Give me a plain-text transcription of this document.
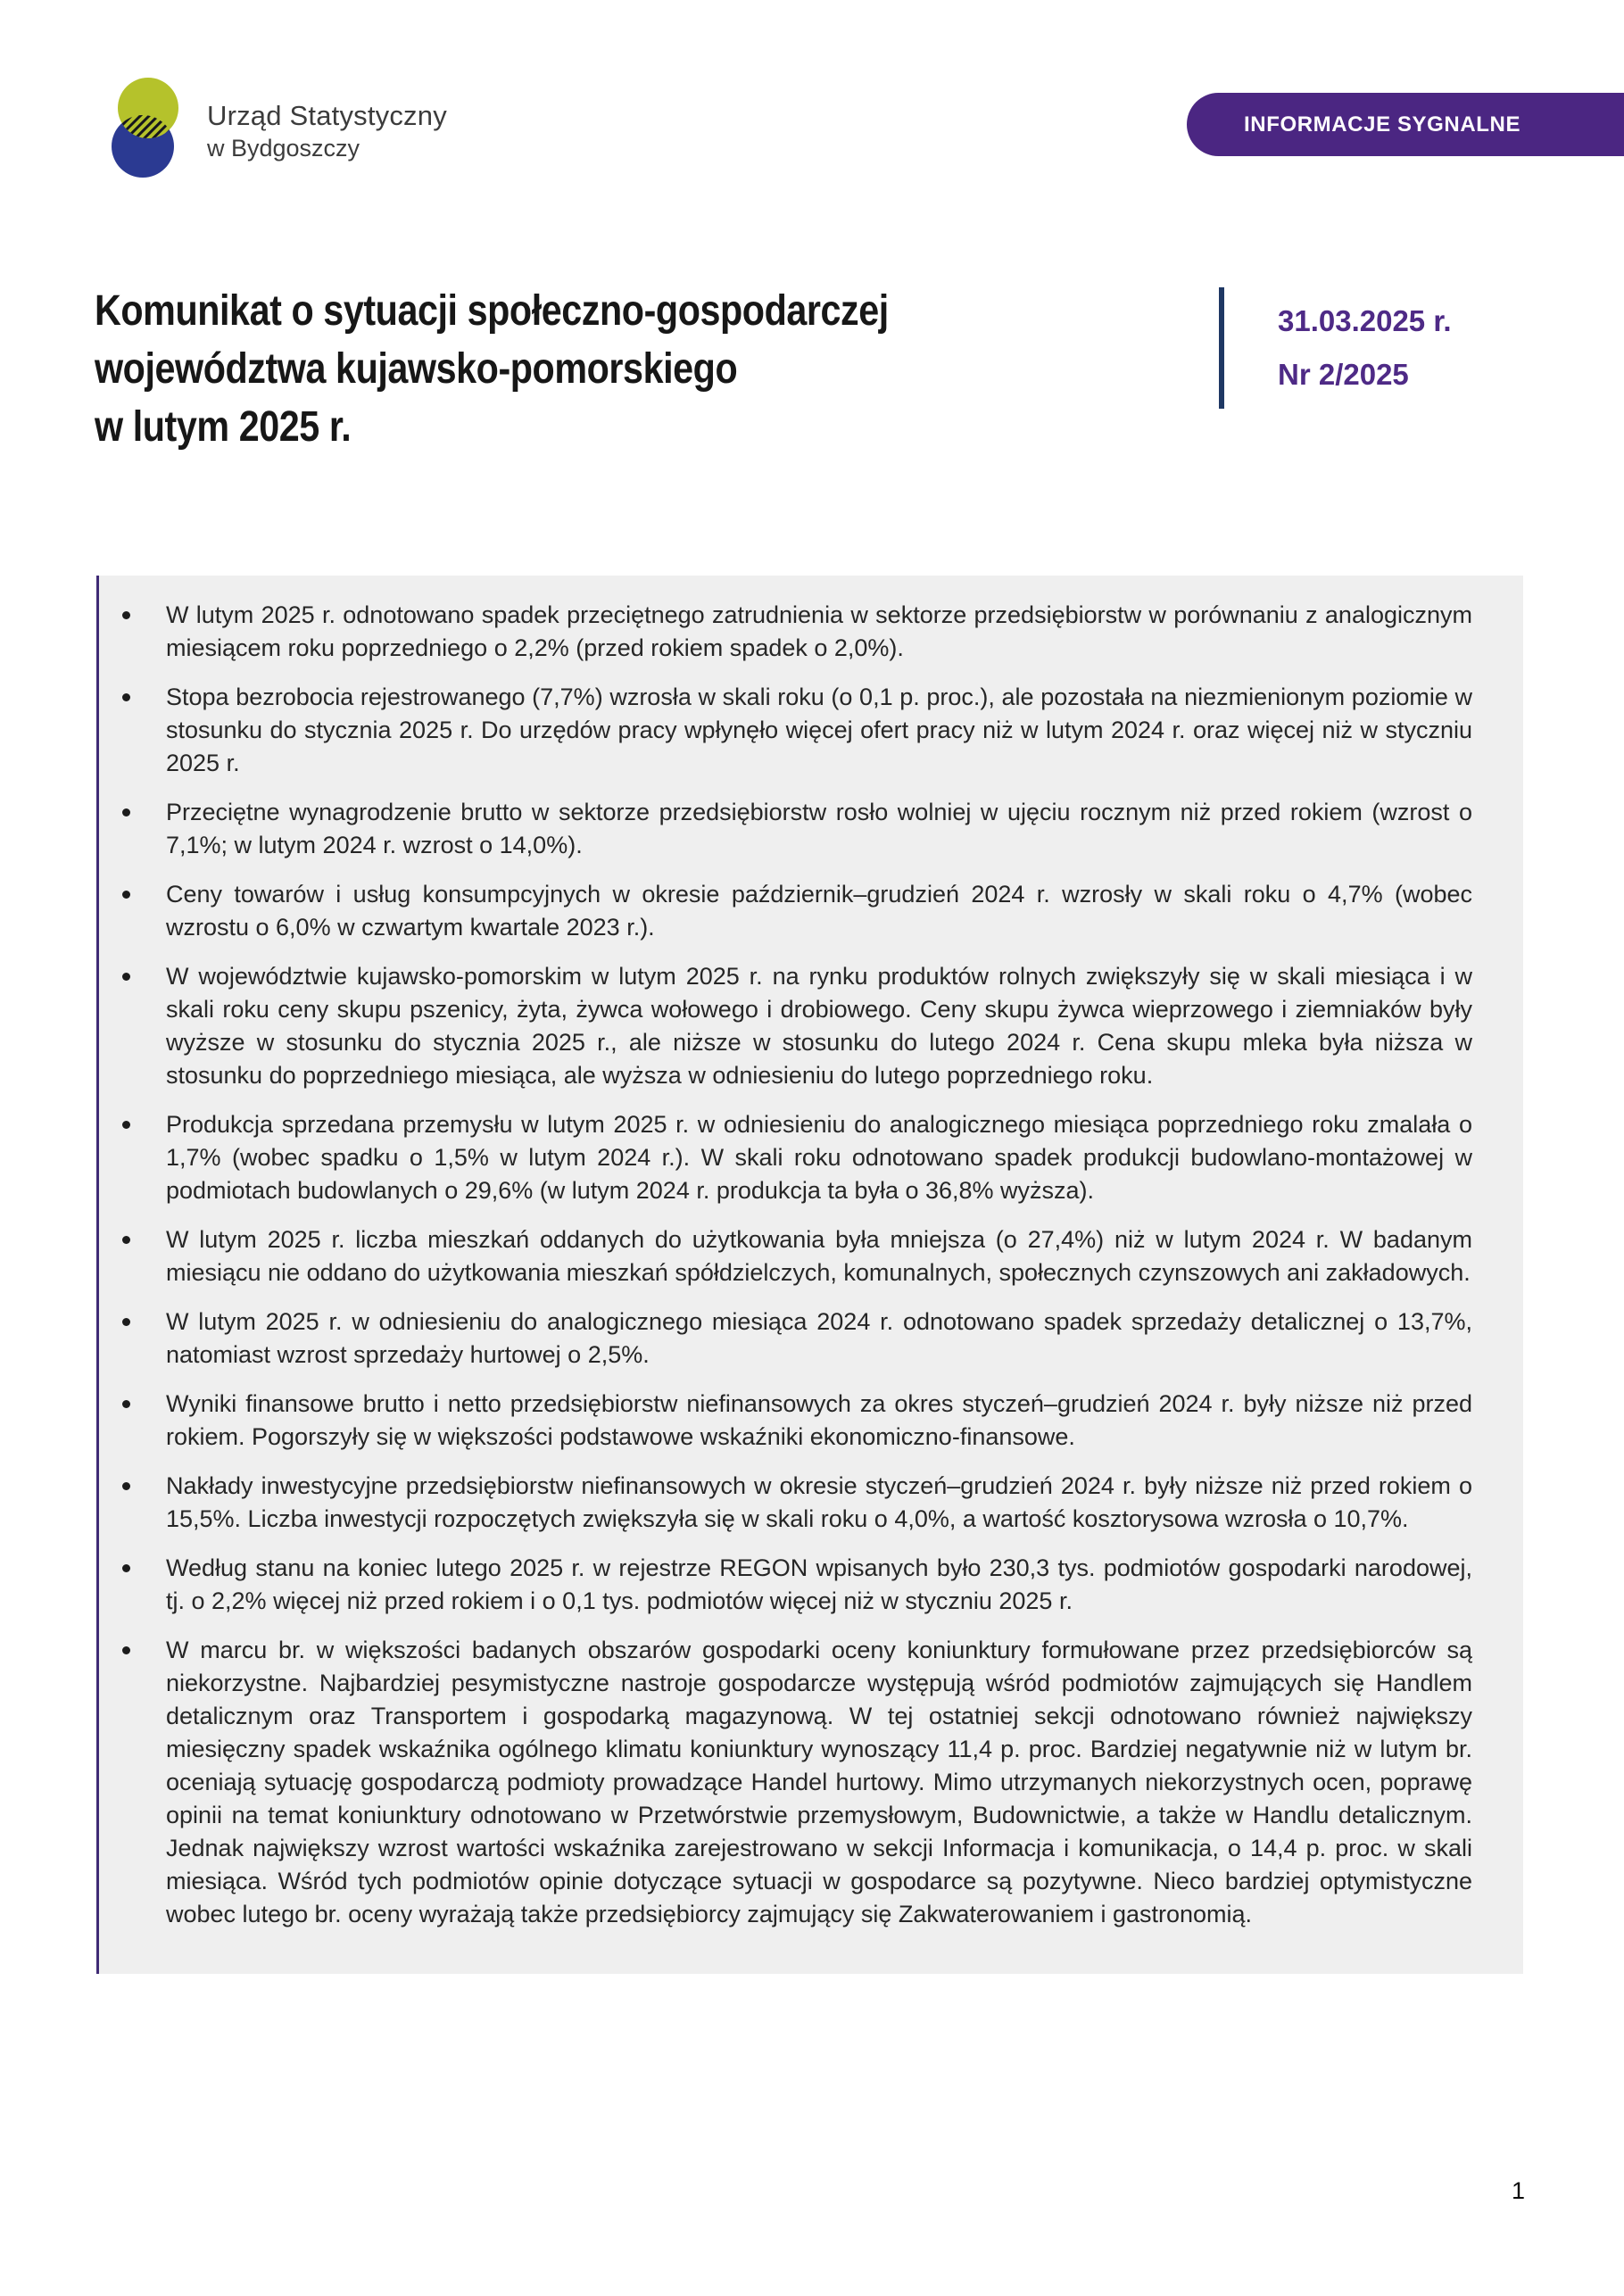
Urząd Statystyczny
w Bydgoszczy
INFORMACJE SYGNALNE
Komunikat o sytuacji społeczno-gospodarczej
województwa kujawsko-pomorskiego
w lutym 2025 r.
31.03.2025 r.
Nr 2/2025
W lutym 2025 r. odnotowano spadek przeciętnego zatrudnienia w sektorze przedsiębiorstw w porównaniu z analogicznym miesiącem roku poprzedniego o 2,2% (przed rokiem spadek o 2,0%).
Stopa bezrobocia rejestrowanego (7,7%) wzrosła w skali roku (o 0,1 p. proc.), ale pozostała na niezmienionym poziomie w stosunku do stycznia 2025 r. Do urzędów pracy wpłynęło więcej ofert pracy niż w lutym 2024 r. oraz więcej niż w styczniu 2025 r.
Przeciętne wynagrodzenie brutto w sektorze przedsiębiorstw rosło wolniej w ujęciu rocznym niż przed rokiem (wzrost o 7,1%; w lutym 2024 r. wzrost o 14,0%).
Ceny towarów i usług konsumpcyjnych w okresie październik–grudzień 2024 r. wzrosły w skali roku o 4,7% (wobec wzrostu o 6,0% w czwartym kwartale 2023 r.).
W województwie kujawsko-pomorskim w lutym 2025 r. na rynku produktów rolnych zwiększyły się w skali miesiąca i w skali roku ceny skupu pszenicy, żyta, żywca wołowego i drobiowego. Ceny skupu żywca wieprzowego i ziemniaków były wyższe w stosunku do stycznia 2025 r., ale niższe w stosunku do lutego 2024 r. Cena skupu mleka była niższa w stosunku do poprzedniego miesiąca, ale wyższa w odniesieniu do lutego poprzedniego roku.
Produkcja sprzedana przemysłu w lutym 2025 r. w odniesieniu do analogicznego miesiąca poprzedniego roku zmalała o 1,7% (wobec spadku o 1,5% w lutym 2024 r.). W skali roku odnotowano spadek produkcji budowlano-montażowej w podmiotach budowlanych o 29,6% (w lutym 2024 r. produkcja ta była o 36,8% wyższa).
W lutym 2025 r. liczba mieszkań oddanych do użytkowania była mniejsza (o 27,4%) niż w lutym 2024 r. W badanym miesiącu nie oddano do użytkowania mieszkań spółdzielczych, komunalnych, społecznych czynszowych ani zakładowych.
W lutym 2025 r. w odniesieniu do analogicznego miesiąca 2024 r. odnotowano spadek sprzedaży detalicznej o 13,7%, natomiast wzrost sprzedaży hurtowej o 2,5%.
Wyniki finansowe brutto i netto przedsiębiorstw niefinansowych za okres styczeń–grudzień 2024 r. były niższe niż przed rokiem. Pogorszyły się w większości podstawowe wskaźniki ekonomiczno-finansowe.
Nakłady inwestycyjne przedsiębiorstw niefinansowych w okresie styczeń–grudzień 2024 r. były niższe niż przed rokiem o 15,5%. Liczba inwestycji rozpoczętych zwiększyła się w skali roku o 4,0%, a wartość kosztorysowa wzrosła o 10,7%.
Według stanu na koniec lutego 2025 r. w rejestrze REGON wpisanych było 230,3 tys. podmiotów gospodarki narodowej, tj. o 2,2% więcej niż przed rokiem i o 0,1 tys. podmiotów więcej niż w styczniu 2025 r.
W marcu br. w większości badanych obszarów gospodarki oceny koniunktury formułowane przez przedsiębiorców są niekorzystne. Najbardziej pesymistyczne nastroje gospodarcze występują wśród podmiotów zajmujących się Handlem detalicznym oraz Transportem i gospodarką magazynową. W tej ostatniej sekcji odnotowano również największy miesięczny spadek wskaźnika ogólnego klimatu koniunktury wynoszący 11,4 p. proc. Bardziej negatywnie niż w lutym br. oceniają sytuację gospodarczą podmioty prowadzące Handel hurtowy. Mimo utrzymanych niekorzystnych ocen, poprawę opinii na temat koniunktury odnotowano w Przetwórstwie przemysłowym, Budownictwie, a także w Handlu detalicznym. Jednak największy wzrost wartości wskaźnika zarejestrowano w sekcji Informacja i komunikacja, o 14,4 p. proc. w skali miesiąca. Wśród tych podmiotów opinie dotyczące sytuacji w gospodarce są pozytywne. Nieco bardziej optymistyczne wobec lutego br. oceny wyrażają także przedsiębiorcy zajmujący się Zakwaterowaniem i gastronomią.
1
